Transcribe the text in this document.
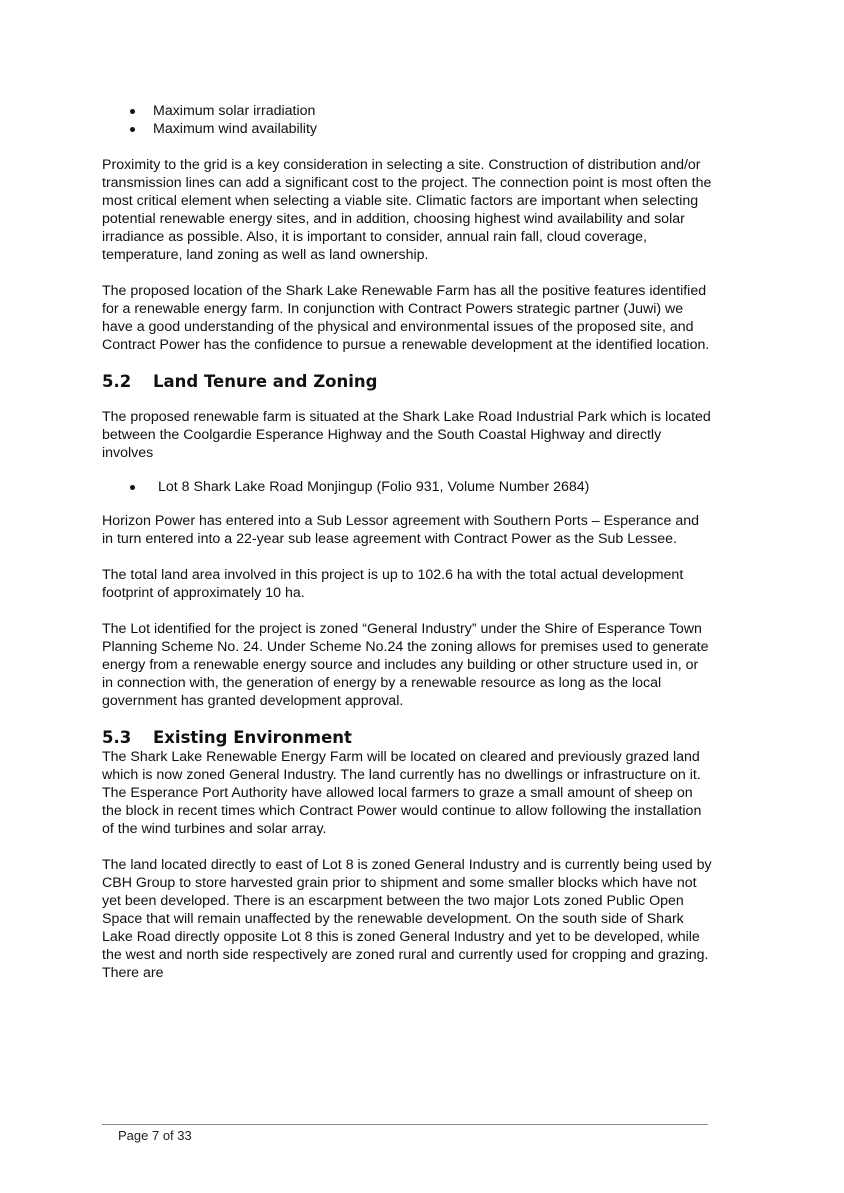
Maximum solar irradiation
Maximum wind availability

Proximity to the grid is a key consideration in selecting a site. Construction of distribution and/or transmission lines can add a significant cost to the project. The connection point is most often the most critical element when selecting a viable site. Climatic factors are important when selecting potential renewable energy sites, and in addition, choosing highest wind availability and solar irradiance as possible. Also, it is important to consider, annual rain fall, cloud coverage, temperature, land zoning as well as land ownership.

The proposed location of the Shark Lake Renewable Farm has all the positive features identified for a renewable energy farm. In conjunction with Contract Powers strategic partner (Juwi) we have a good understanding of the physical and environmental issues of the proposed site, and Contract Power has the confidence to pursue a renewable development at the identified location.

5.2 Land Tenure and Zoning

The proposed renewable farm is situated at the Shark Lake Road Industrial Park which is located between the Coolgardie Esperance Highway and the South Coastal Highway and directly involves

Lot 8 Shark Lake Road Monjingup (Folio 931, Volume Number 2684)

Horizon Power has entered into a Sub Lessor agreement with Southern Ports – Esperance and in turn entered into a 22-year sub lease agreement with Contract Power as the Sub Lessee.

The total land area involved in this project is up to 102.6 ha with the total actual development footprint of approximately 10 ha.

The Lot identified for the project is zoned “General Industry” under the Shire of Esperance Town Planning Scheme No. 24. Under Scheme No.24 the zoning allows for premises used to generate energy from a renewable energy source and includes any building or other structure used in, or in connection with, the generation of energy by a renewable resource as long as the local government has granted development approval.

5.3 Existing Environment

The Shark Lake Renewable Energy Farm will be located on cleared and previously grazed land which is now zoned General Industry. The land currently has no dwellings or infrastructure on it. The Esperance Port Authority have allowed local farmers to graze a small amount of sheep on the block in recent times which Contract Power would continue to allow following the installation of the wind turbines and solar array.

The land located directly to east of Lot 8 is zoned General Industry and is currently being used by CBH Group to store harvested grain prior to shipment and some smaller blocks which have not yet been developed. There is an escarpment between the two major Lots zoned Public Open Space that will remain unaffected by the renewable development. On the south side of Shark Lake Road directly opposite Lot 8 this is zoned General Industry and yet to be developed, while the west and north side respectively are zoned rural and currently used for cropping and grazing. There are

Page 7 of 33
